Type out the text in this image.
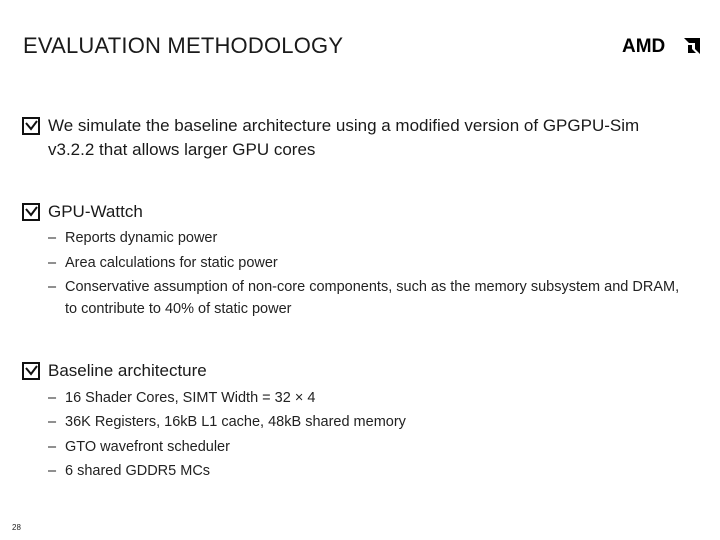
EVALUATION METHODOLOGY	AMD
We simulate the baseline architecture using a modified version of GPGPU-Sim v3.2.2 that allows larger GPU cores
GPU-Wattch
– Reports dynamic power
– Area calculations for static power
– Conservative assumption of non-core components, such as the memory subsystem and DRAM, to contribute to 40% of static power
Baseline architecture
– 16 Shader Cores, SIMT Width = 32 × 4
– 36K Registers, 16kB L1 cache, 48kB shared memory
– GTO wavefront scheduler
– 6 shared GDDR5 MCs
28
